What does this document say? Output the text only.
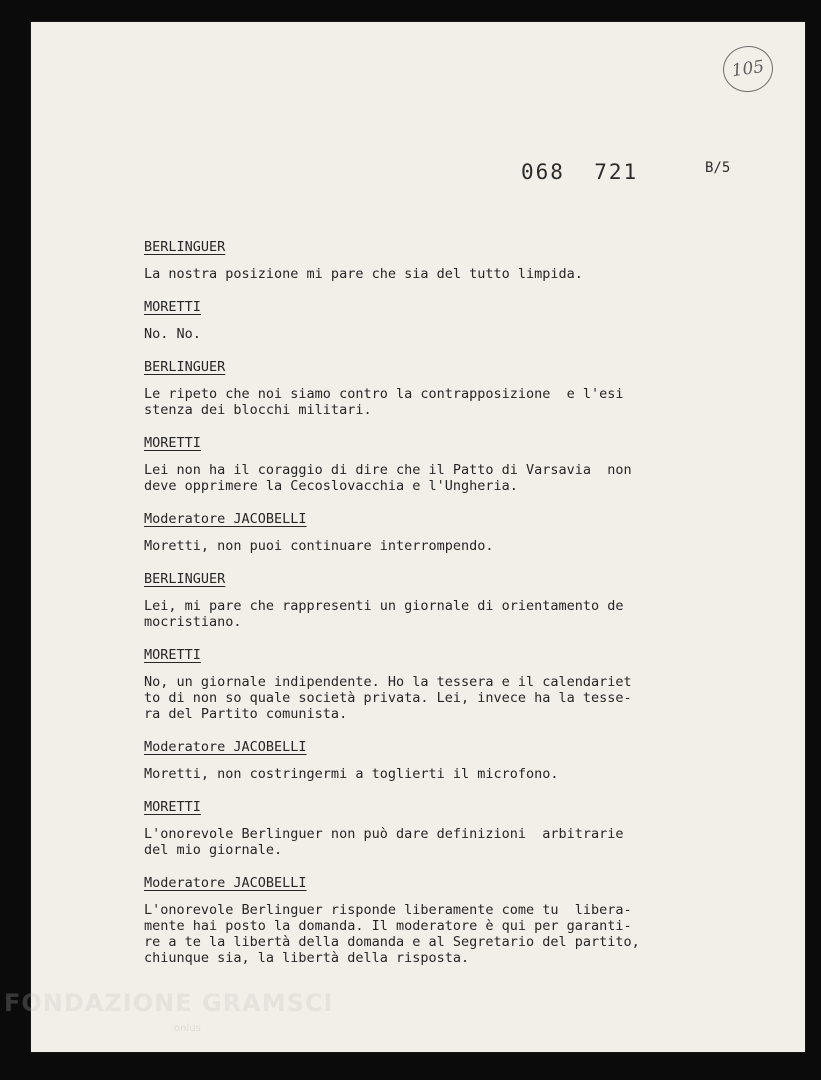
105
068  721	B/5
BERLINGUER
La nostra posizione mi pare che sia del tutto limpida.
MORETTI
No. No.
BERLINGUER
Le ripeto che noi siamo contro la contrapposizione  e l'esi
stenza dei blocchi militari.
MORETTI
Lei non ha il coraggio di dire che il Patto di Varsavia  non
deve opprimere la Cecoslovacchia e l'Ungheria.
Moderatore JACOBELLI
Moretti, non puoi continuare interrompendo.
BERLINGUER
Lei, mi pare che rappresenti un giornale di orientamento de
mocristiano.
MORETTI
No, un giornale indipendente. Ho la tessera e il calendariet
to di non so quale società privata. Lei, invece ha la tesse-
ra del Partito comunista.
Moderatore JACOBELLI
Moretti, non costringermi a toglierti il microfono.
MORETTI
L'onorevole Berlinguer non può dare definizioni  arbitrarie
del mio giornale.
Moderatore JACOBELLI
L'onorevole Berlinguer risponde liberamente come tu  libera-
mente hai posto la domanda. Il moderatore è qui per garanti-
re a te la libertà della domanda e al Segretario del partito,
chiunque sia, la libertà della risposta.
FONDAZIONE GRAMSCI
onlus
